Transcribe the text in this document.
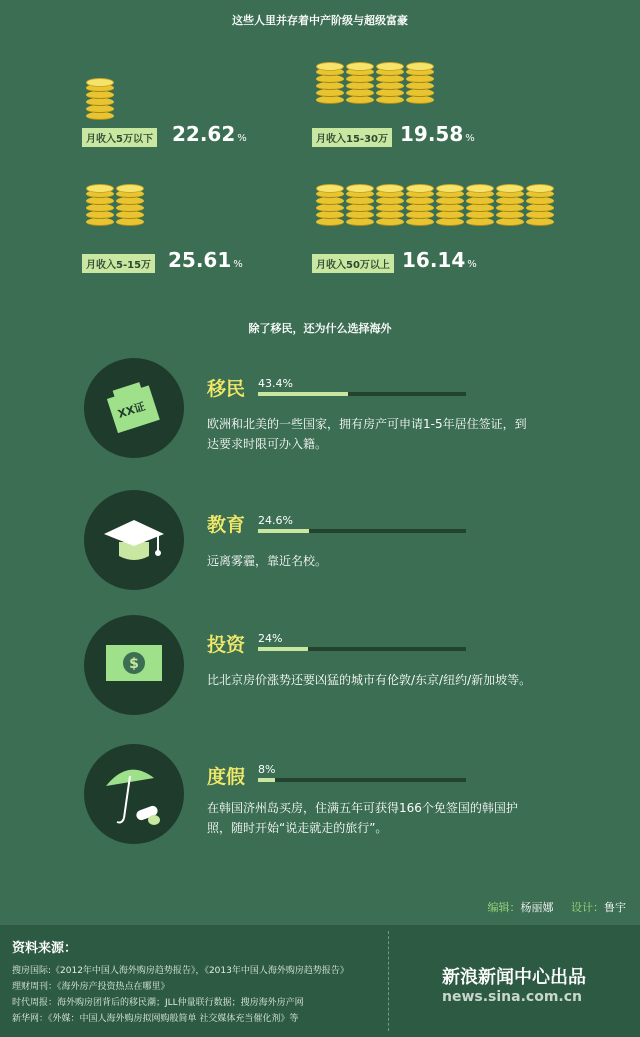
这些人里并存着中产阶级与超级富豪
月收入5万以下 22.62 %	月收入15-30万 19.58 %
月收入5-15万 25.61 %	月收入50万以上 16.14 %
除了移民，还为什么选择海外
XX证
移民 43.4%
欧洲和北美的一些国家，拥有房产可申请1-5年居住签证，到达要求时限可办入籍。
教育 24.6%
远离雾霾，靠近名校。
$
投资 24%
比北京房价涨势还要凶猛的城市有伦敦/东京/纽约/新加坡等。
度假 8%
在韩国济州岛买房，住满五年可获得166个免签国的韩国护照，随时开始“说走就走的旅行”。
编辑：杨丽娜 设计：鲁宇
资料来源：
搜房国际:《2012年中国人海外购房趋势报告》，《2013年中国人海外购房趋势报告》
理财周刊：《海外房产投资热点在哪里》
时代周报：海外购房团背后的移民潮；JLL仲量联行数据；搜房海外房产网
新华网：《外媒：中国人海外购房拟网购般简单 社交媒体充当催化剂》等
新浪新闻中心出品
news.sina.com.cn
